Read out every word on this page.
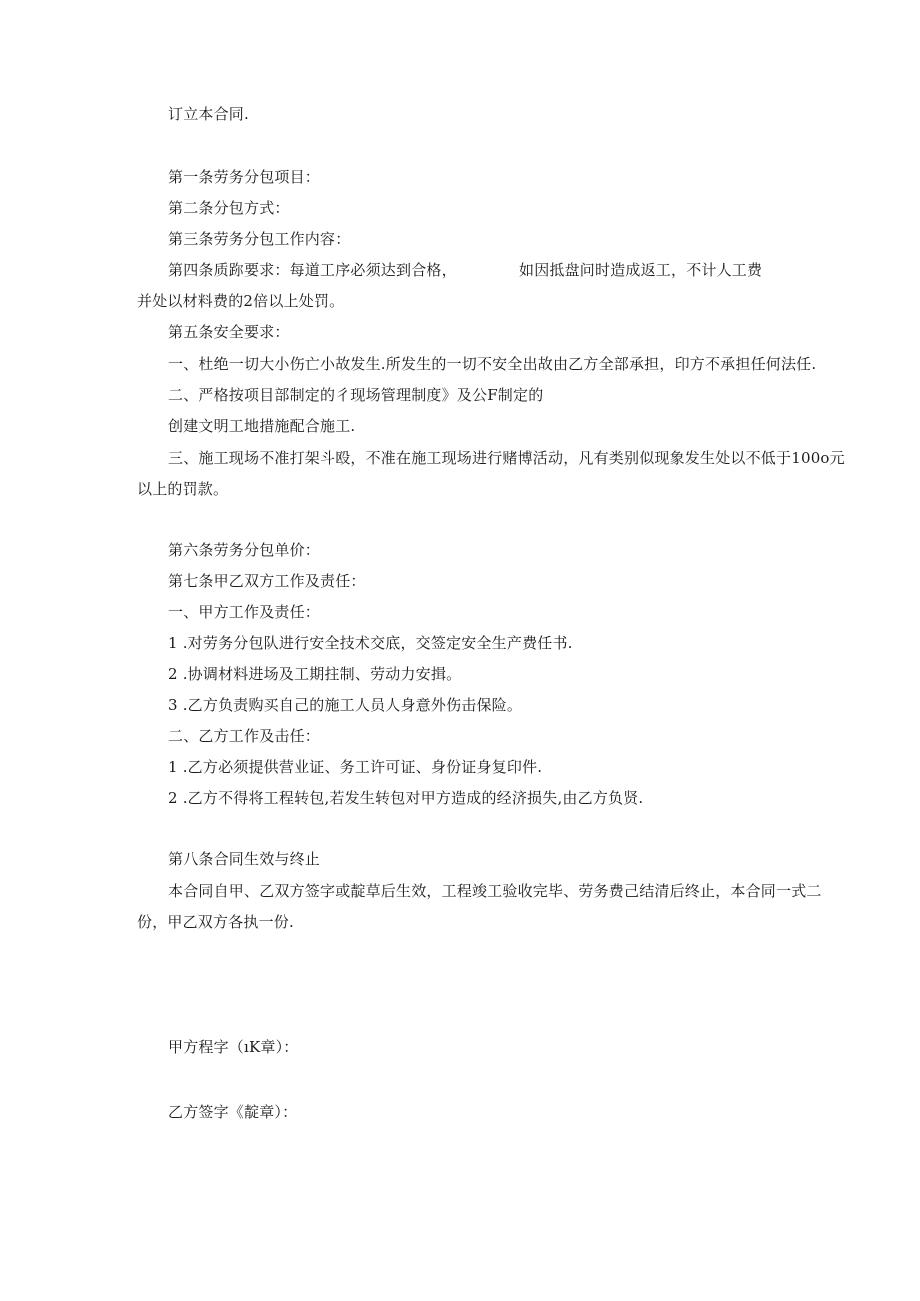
订立本合同.
第一条劳务分包项目：
第二条分包方式：
第三条劳务分包工作内容：
第四条质䟢要求：每道工序必须达到合格，	如因抵盘问时造成返工，不计人工费
并处以材料费的2倍以上处罚。
第五条安全要求：
一、杜绝一切大小伤亡小故发生.所发生的一切不安全出故由乙方全部承担，印方不承担任何法任.
二、严格按项目部制定的彳现场管理制度》及公F制定的
创建文明工地措施配合施工.
三、施工现场不准打架斗殴，不准在施工现场进行赌博活动，凡有类别似现象发生处以不低于100o元
以上的罚款。
第六条劳务分包单价：
第七条甲乙双方工作及责任：
一、甲方工作及责任：
1 .对劳务分包队进行安全技术交底，交签定安全生产费任书.
2 .协调材料进场及工期拄制、劳动力安揖。
3 .乙方负责购买自己的施工人员人身意外伤击保险。
二、乙方工作及击任：
1 .乙方必须提供营业证、务工许可证、身份证身复印件.
2 .乙方不得将工程转包,若发生转包对甲方造成的经济损失,由乙方负贤.
第八条合同生效与终止
本合同自甲、乙双方签字或靛草后生效，工程竣工验收完毕、劳务费己结清后终止，本合同一式二
份，甲乙双方各执一份.
甲方程字（ıK章）：
乙方签字《靛章）：
